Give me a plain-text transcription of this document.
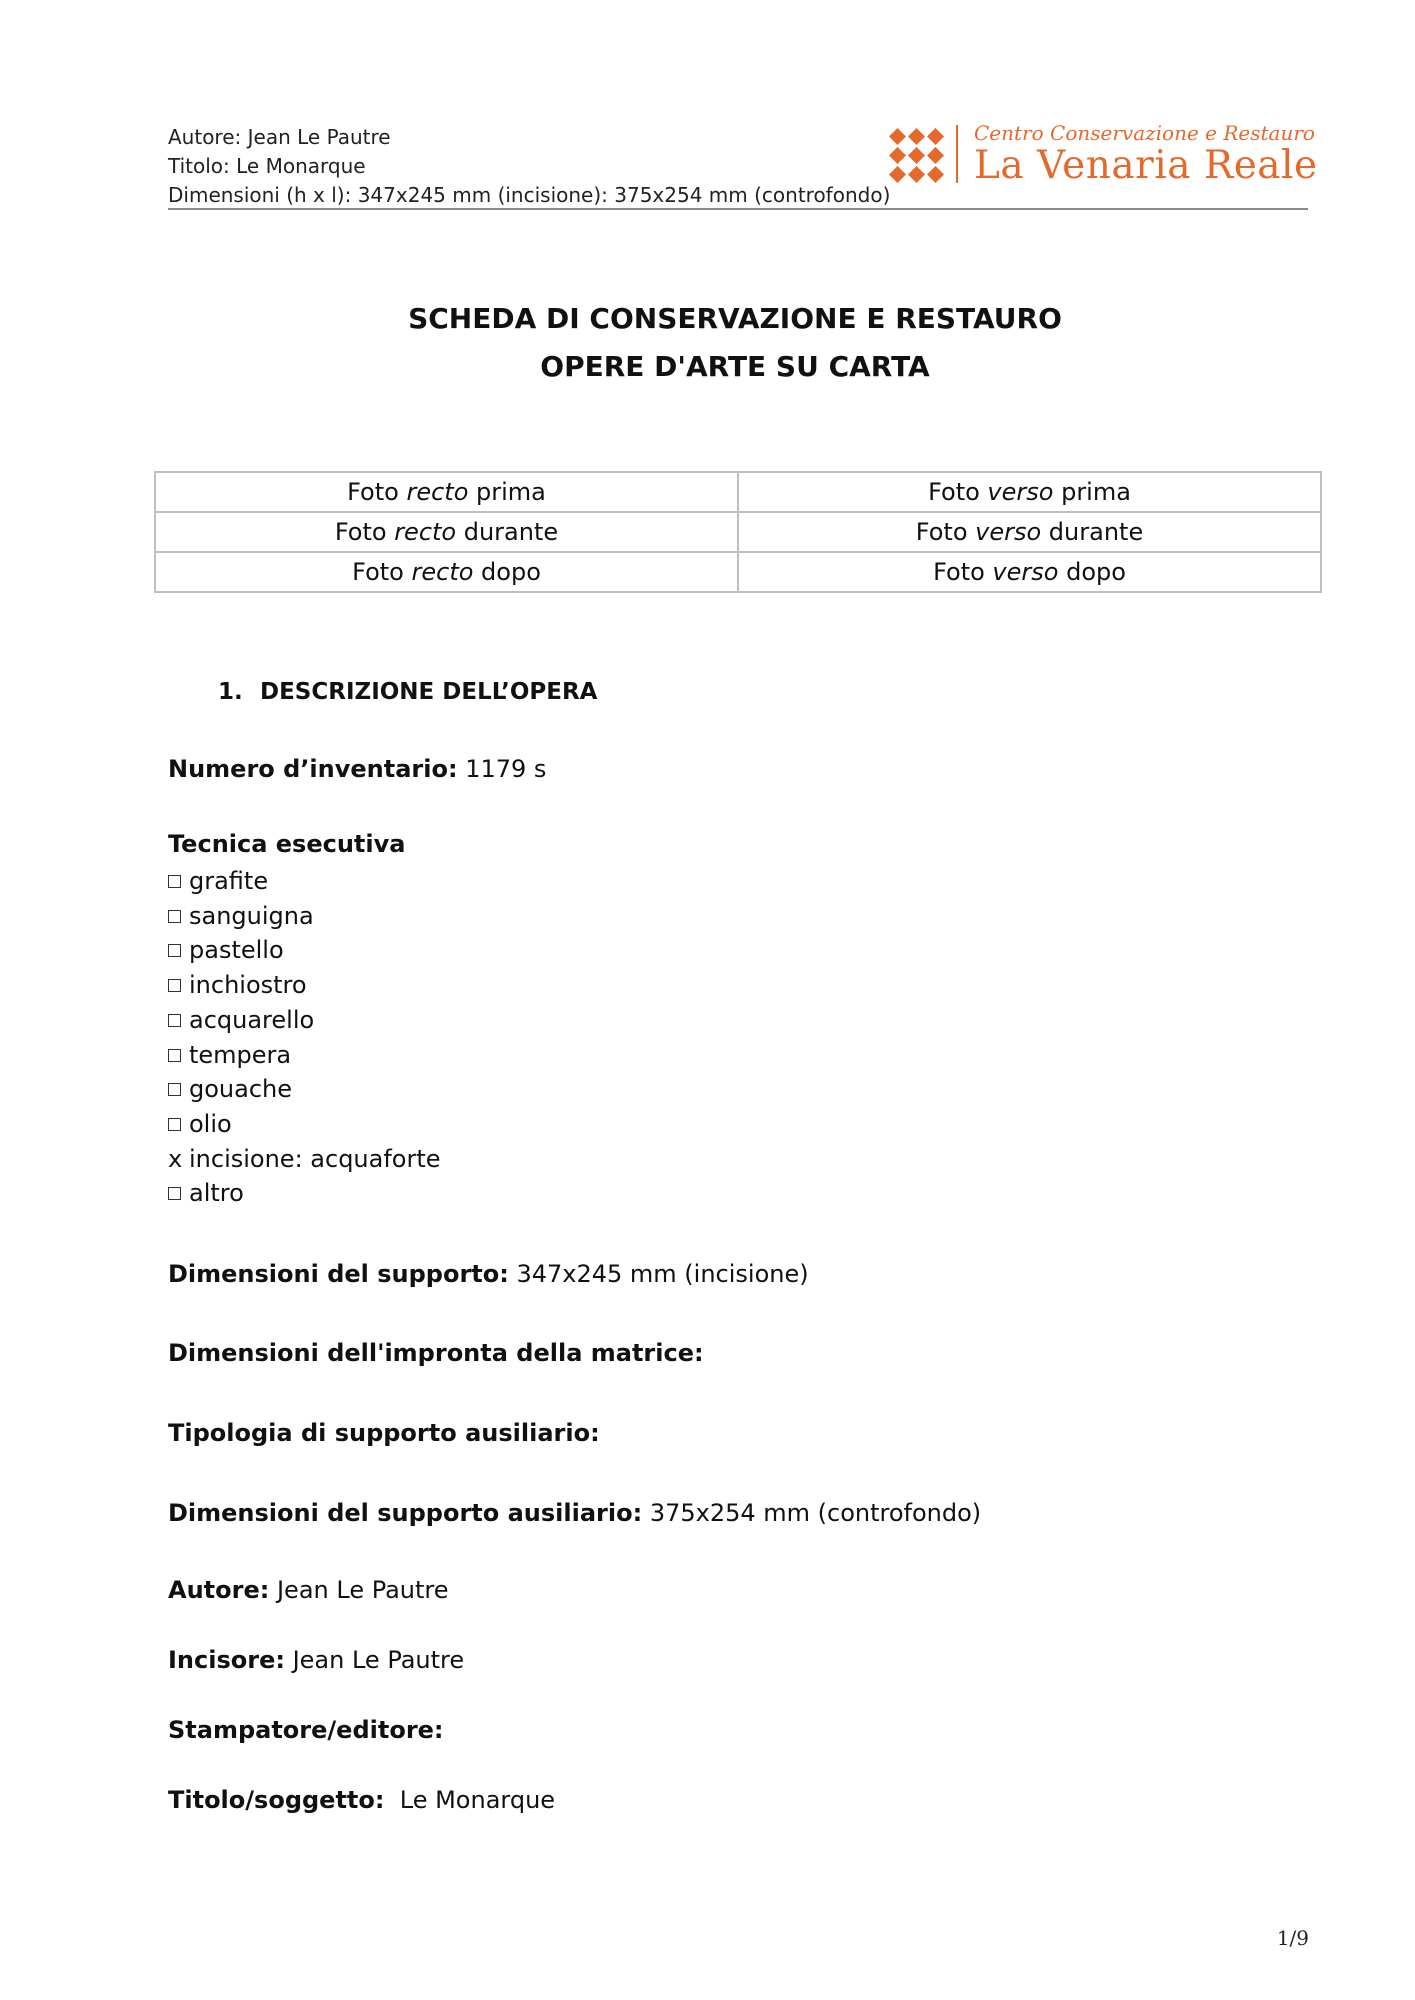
Autore: Jean Le Pautre
Titolo: Le Monarque
Dimensioni (h x l): 347x245 mm (incisione): 375x254 mm (controfondo)
Centro Conservazione e Restauro
La Venaria Reale
SCHEDA DI CONSERVAZIONE E RESTAURO
OPERE D'ARTE SU CARTA
Foto recto prima	Foto verso prima
Foto recto durante	Foto verso durante
Foto recto dopo	Foto verso dopo
1. DESCRIZIONE DELL’OPERA
Numero d’inventario: 1179 s
Tecnica esecutiva
grafite
sanguigna
pastello
inchiostro
acquarello
tempera
gouache
olio
x incisione: acquaforte
altro
Dimensioni del supporto: 347x245 mm (incisione)
Dimensioni dell'impronta della matrice:
Tipologia di supporto ausiliario:
Dimensioni del supporto ausiliario: 375x254 mm (controfondo)
Autore: Jean Le Pautre
Incisore: Jean Le Pautre
Stampatore/editore:
Titolo/soggetto:  Le Monarque
1/9
